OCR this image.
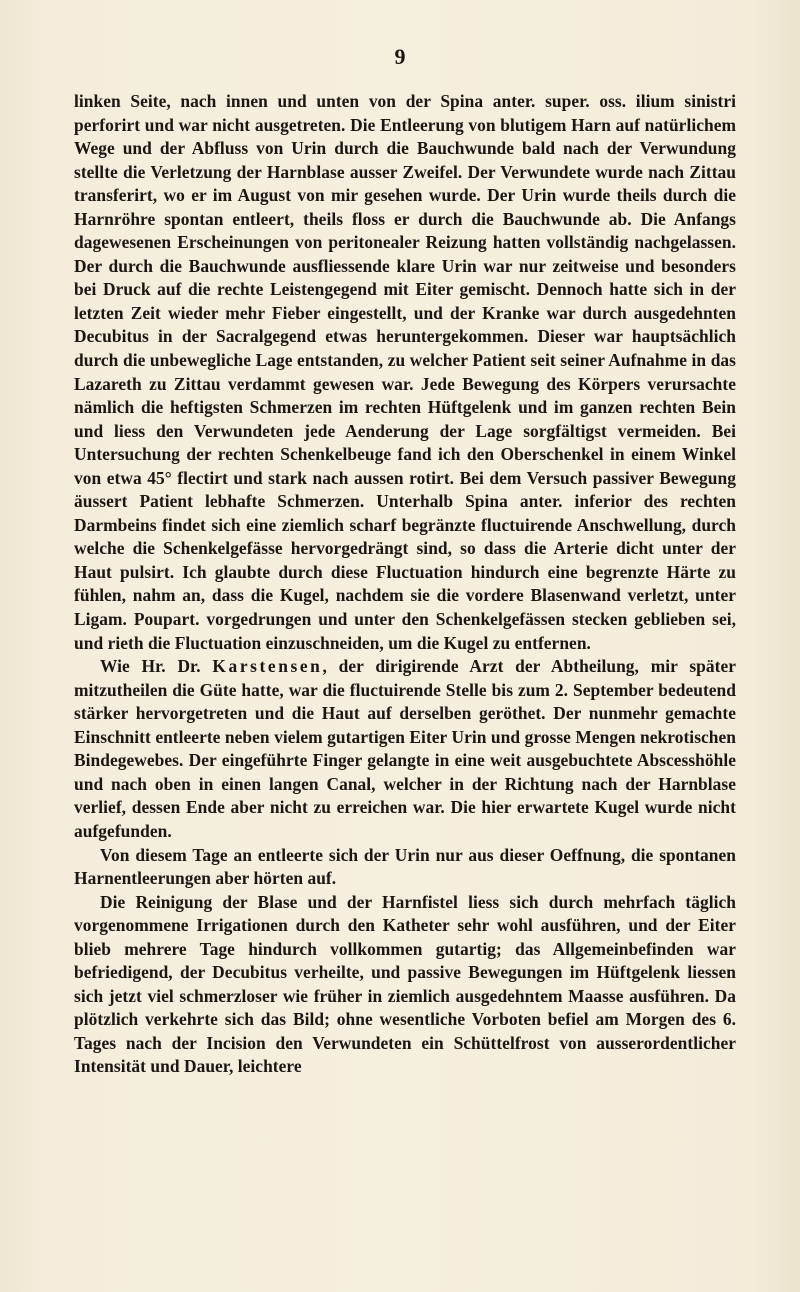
9

linken Seite, nach innen und unten von der Spina anter. super. oss. ilium sinistri perforirt und war nicht ausgetreten. Die Entleerung von blutigem Harn auf natürlichem Wege und der Abfluss von Urin durch die Bauchwunde bald nach der Verwundung stellte die Verletzung der Harnblase ausser Zweifel. Der Verwundete wurde nach Zittau transferirt, wo er im August von mir gesehen wurde. Der Urin wurde theils durch die Harnröhre spontan entleert, theils floss er durch die Bauchwunde ab. Die Anfangs dagewesenen Erscheinungen von peritonealer Reizung hatten vollständig nachgelassen. Der durch die Bauchwunde ausfliessende klare Urin war nur zeitweise und besonders bei Druck auf die rechte Leistengegend mit Eiter gemischt. Dennoch hatte sich in der letzten Zeit wieder mehr Fieber eingestellt, und der Kranke war durch ausgedehnten Decubitus in der Sacralgegend etwas heruntergekommen. Dieser war hauptsächlich durch die unbewegliche Lage entstanden, zu welcher Patient seit seiner Aufnahme in das Lazareth zu Zittau verdammt gewesen war. Jede Bewegung des Körpers verursachte nämlich die heftigsten Schmerzen im rechten Hüftgelenk und im ganzen rechten Bein und liess den Verwundeten jede Aenderung der Lage sorgfältigst vermeiden. Bei Untersuchung der rechten Schenkelbeuge fand ich den Oberschenkel in einem Winkel von etwa 45° flectirt und stark nach aussen rotirt. Bei dem Versuch passiver Bewegung äussert Patient lebhafte Schmerzen. Unterhalb Spina anter. inferior des rechten Darmbeins findet sich eine ziemlich scharf begränzte fluctuirende Anschwellung, durch welche die Schenkelgefässe hervorgedrängt sind, so dass die Arterie dicht unter der Haut pulsirt. Ich glaubte durch diese Fluctuation hindurch eine begrenzte Härte zu fühlen, nahm an, dass die Kugel, nachdem sie die vordere Blasenwand verletzt, unter Ligam. Poupart. vorgedrungen und unter den Schenkelgefässen stecken geblieben sei, und rieth die Fluctuation einzuschneiden, um die Kugel zu entfernen.

Wie Hr. Dr. Karstensen, der dirigirende Arzt der Abtheilung, mir später mitzutheilen die Güte hatte, war die fluctuirende Stelle bis zum 2. September bedeutend stärker hervorgetreten und die Haut auf derselben geröthet. Der nunmehr gemachte Einschnitt entleerte neben vielem gutartigen Eiter Urin und grosse Mengen nekrotischen Bindegewebes. Der eingeführte Finger gelangte in eine weit ausgebuchtete Abscesshöhle und nach oben in einen langen Canal, welcher in der Richtung nach der Harnblase verlief, dessen Ende aber nicht zu erreichen war. Die hier erwartete Kugel wurde nicht aufgefunden.

Von diesem Tage an entleerte sich der Urin nur aus dieser Oeffnung, die spontanen Harnentleerungen aber hörten auf.

Die Reinigung der Blase und der Harnfistel liess sich durch mehrfach täglich vorgenommene Irrigationen durch den Katheter sehr wohl ausführen, und der Eiter blieb mehrere Tage hindurch vollkommen gutartig; das Allgemeinbefinden war befriedigend, der Decubitus verheilte, und passive Bewegungen im Hüftgelenk liessen sich jetzt viel schmerzloser wie früher in ziemlich ausgedehntem Maasse ausführen. Da plötzlich verkehrte sich das Bild; ohne wesentliche Vorboten befiel am Morgen des 6. Tages nach der Incision den Verwundeten ein Schüttelfrost von ausserordentlicher Intensität und Dauer, leichtere
